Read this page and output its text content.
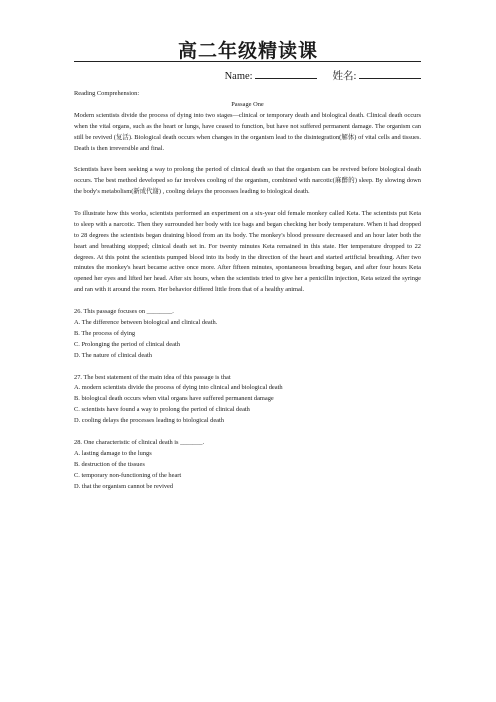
高二年级精读课
Name:	姓名:

Reading Comprehension:

Passage One

Modern scientists divide the process of dying into two stages—clinical or temporary death and biological death. Clinical death occurs when the vital organs, such as the heart or lungs, have ceased to function, but have not suffered permanent damage. The organism can still be revived (复活). Biological death occurs when changes in the organism lead to the disintegration(解体) of vital cells and tissues. Death is then irreversible and final.

Scientists have been seeking a way to prolong the period of clinical death so that the organism can be revived before biological death occurs. The best method developed so far involves cooling of the organism, combined with narcotic(麻醉的) sleep. By slowing down the body's metabolism(新成代谢) , cooling delays the processes leading to biological death.

To illustrate how this works, scientists performed an experiment on a six-year old female monkey called Keta. The scientists put Keta to sleep with a narcotic. Then they surrounded her body with ice bags and began checking her body temperature. When it had dropped to 28 degrees the scientists began draining blood from an its body. The monkey's blood pressure decreased and an hour later both the heart and breathing stopped; clinical death set in. For twenty minutes Keta remained in this state. Her temperature dropped to 22 degrees. At this point the scientists pumped blood into its body in the direction of the heart and started artificial breathing. After two minutes the monkey's heart became active once more. After fifteen minutes, spontaneous breathing began, and after four hours Keta opened her eyes and lifted her head. After six hours, when the scientists tried to give her a penicillin injection, Keta seized the syringe and ran with it around the room. Her behavior differed little from that of a healthy animal.

26. This passage focuses on ________.

A. The difference between biological and clinical death.

B. The process of dying

C. Prolonging the period of clinical death

D. The nature of clinical death

27. The best statement of the main idea of this passage is that

A. modern scientists divide the process of dying into clinical and biological death

B. biological death occurs when vital organs have suffered permanent damage

C. scientists have found a way to prolong the period of clinical death

D. cooling delays the processes leading to biological death

28. One characteristic of clinical death is _______.

A. lasting damage to the lungs

B. destruction of the tissues

C. temporary non-functioning of the heart

D. that the organism cannot be revived
